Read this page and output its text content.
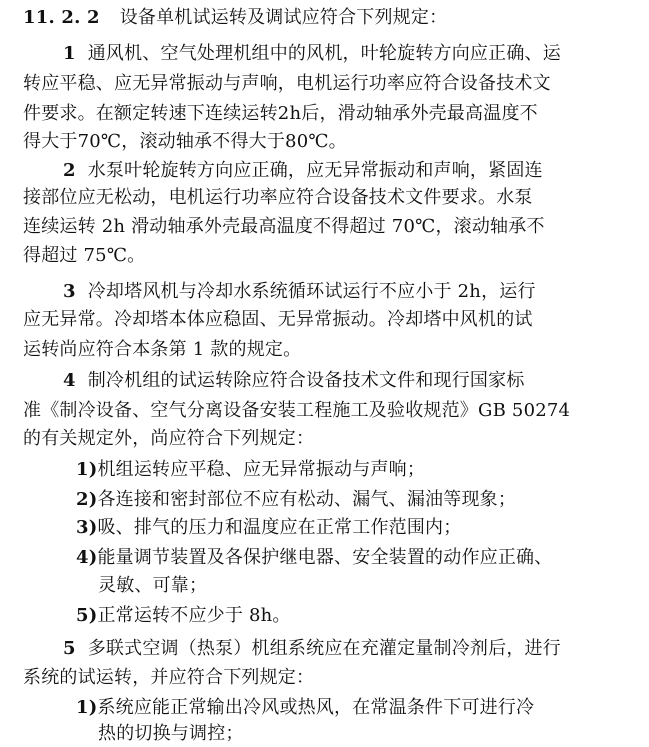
11. 2. 2 设备单机试运转及调试应符合下列规定：
1 通风机、空气处理机组中的风机，叶轮旋转方向应正确、运
转应平稳、应无异常振动与声响，电机运行功率应符合设备技术文
件要求。在额定转速下连续运转2h后，滑动轴承外壳最高温度不
得大于70℃，滚动轴承不得大于80℃。
2 水泵叶轮旋转方向应正确，应无异常振动和声响，紧固连
接部位应无松动，电机运行功率应符合设备技术文件要求。水泵
连续运转 2h 滑动轴承外壳最高温度不得超过 70℃，滚动轴承不
得超过 75℃。
3 冷却塔风机与冷却水系统循环试运行不应小于 2h，运行
应无异常。冷却塔本体应稳固、无异常振动。冷却塔中风机的试
运转尚应符合本条第 1 款的规定。
4 制冷机组的试运转除应符合设备技术文件和现行国家标
准《制冷设备、空气分离设备安装工程施工及验收规范》GB 50274
的有关规定外，尚应符合下列规定：
1)机组运转应平稳、应无异常振动与声响；
2)各连接和密封部位不应有松动、漏气、漏油等现象；
3)吸、排气的压力和温度应在正常工作范围内；
4)能量调节装置及各保护继电器、安全装置的动作应正确、
灵敏、可靠；
5)正常运转不应少于 8h。
5 多联式空调（热泵）机组系统应在充灌定量制冷剂后，进行
系统的试运转，并应符合下列规定：
1)系统应能正常输出冷风或热风，在常温条件下可进行冷
热的切换与调控；
